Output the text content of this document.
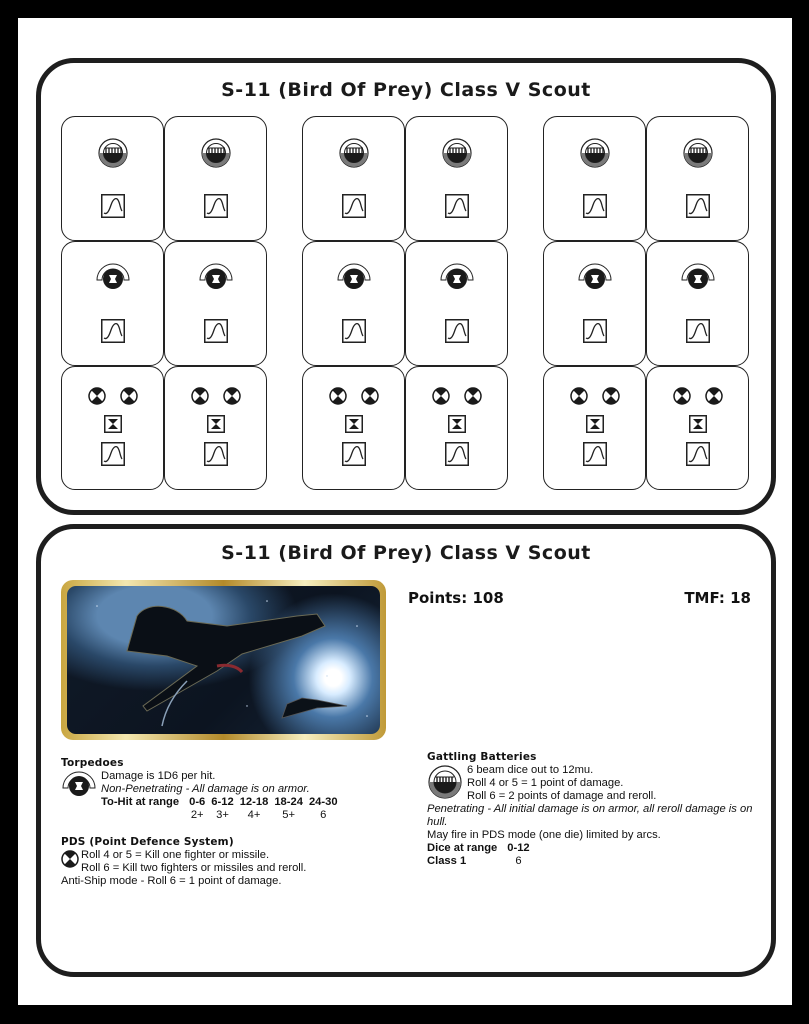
S-11 (Bird Of Prey) Class V Scout
S-11 (Bird Of Prey) Class V Scout
Points: 108	TMF: 18
Torpedoes
Damage is 1D6 per hit.
Non-Penetrating - All damage is on armor.
To-Hit at range	0-6	6-12	12-18	18-24	24-30
	2+	3+	4+	5+	6
PDS (Point Defence System)
Roll 4 or 5 = Kill one fighter or missile.
Roll 6 = Kill two fighters or missiles and reroll.
Anti-Ship mode - Roll 6 = 1 point of damage.
Gattling Batteries
6 beam dice out to 12mu.
Roll 4 or 5 = 1 point of damage.
Roll 6 = 2 points of damage and reroll.
Penetrating - All initial damage is on armor, all reroll damage is on hull.
May fire in PDS mode (one die) limited by arcs.
Dice at range	0-12
Class 1	6
